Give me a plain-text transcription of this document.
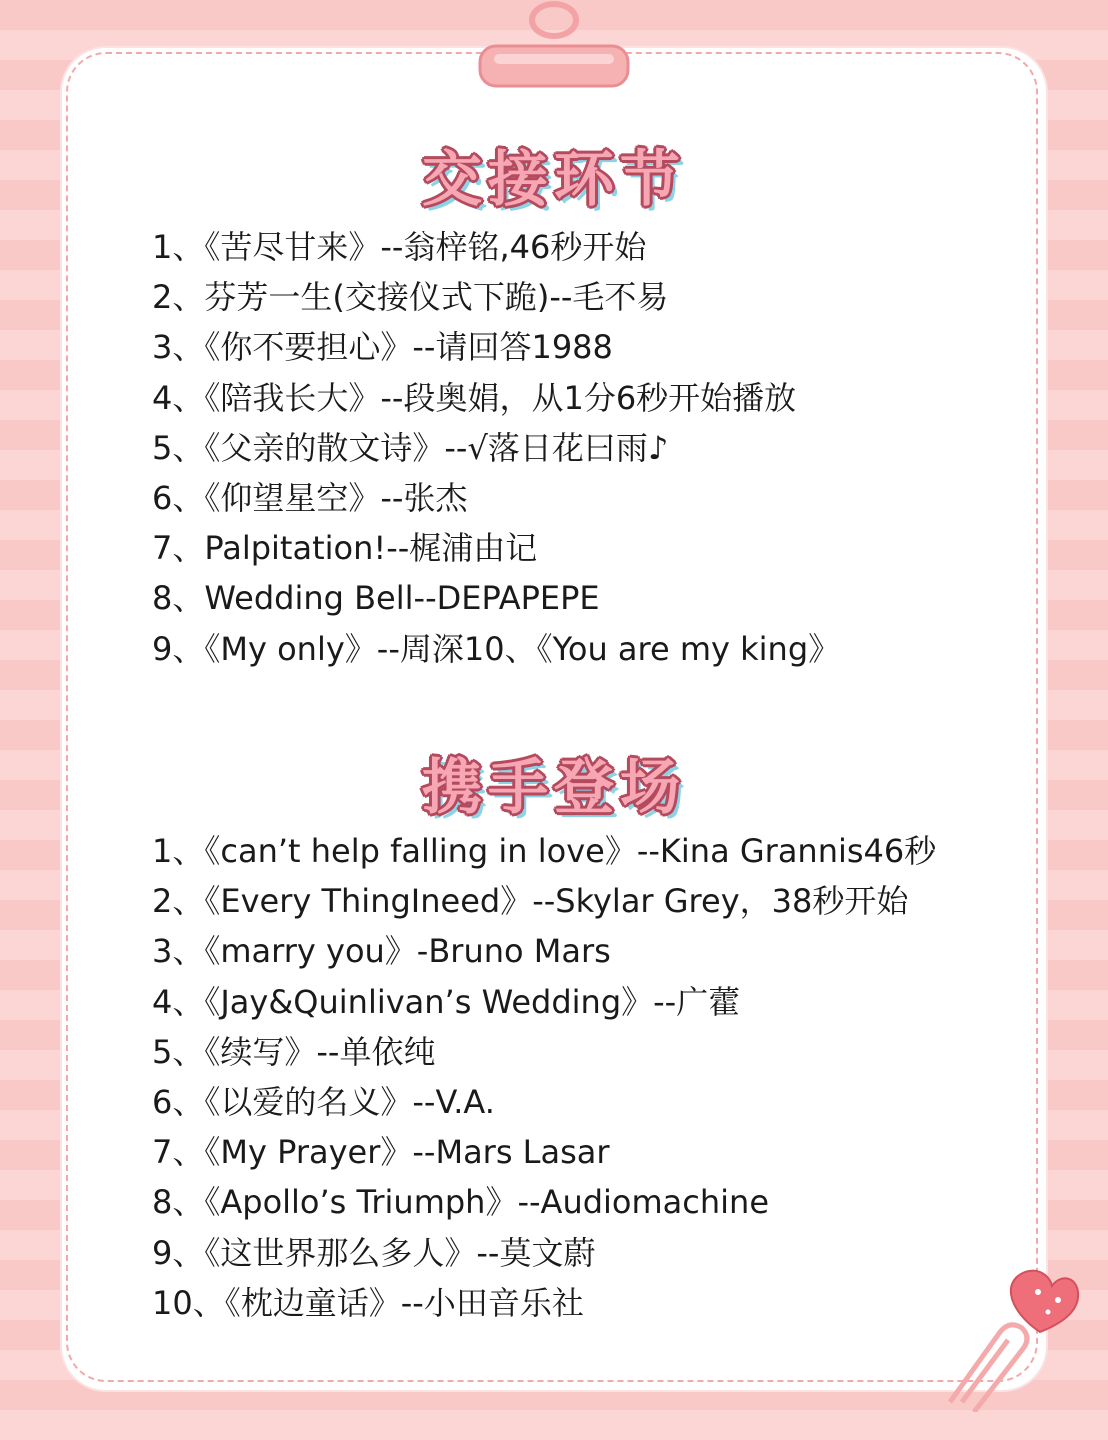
交接环节
1、《苦尽甘来》--翁梓铭,46秒开始
2、芬芳一生(交接仪式下跪)--毛不易
3、《你不要担心》--请回答1988
4、《陪我长大》--段奥娟，从1分6秒开始播放
5、《父亲的散文诗》--√落日花曰雨♪
6、《仰望星空》--张杰
7、Palpitation!--梶浦由记
8、Wedding Bell--DEPAPEPE
9、《My only》--周深10、《You are my king》
携手登场
1、《can’t help falling in love》--Kina Grannis46秒
2、《Every ThingIneed》--Skylar Grey，38秒开始
3、《marry you》-Bruno Mars
4、《Jay&Quinlivan’s Wedding》--广藿
5、《续写》--单依纯
6、《以爱的名义》--V.A.
7、《My Prayer》--Mars Lasar
8、《Apollo’s Triumph》--Audiomachine
9、《这世界那么多人》--莫文蔚
10、《枕边童话》--小田音乐社
